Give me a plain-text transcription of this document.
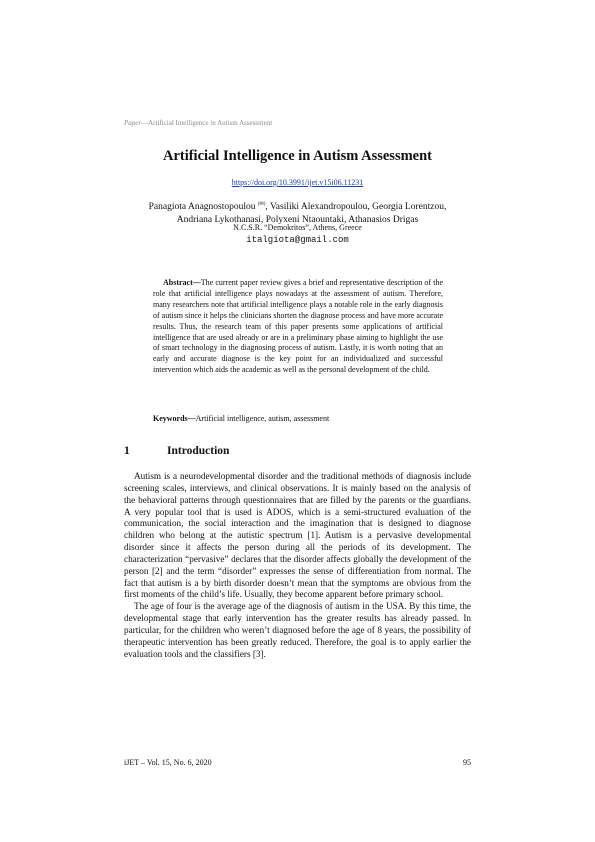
Paper—Artificial Intelligence in Autism Assessment
Artificial Intelligence in Autism Assessment
https://doi.org/10.3991/ijet.v15i06.11231
Panagiota Anagnostopoulou (✉), Vasiliki Alexandropoulou, Georgia Lorentzou,
Andriana Lykothanasi, Polyxeni Ntaountaki, Athanasios Drigas
N.C.S.R. “Demokritos”, Athens, Greece
italgiota@gmail.com

Abstract—The current paper review gives a brief and representative description of the role that artificial intelligence plays nowadays at the assessment of autism. Therefore, many researchers note that artificial intelligence plays a notable role in the early diagnosis of autism since it helps the clinicians shorten the diagnose process and have more accurate results. Thus, the research team of this paper presents some applications of artificial intelligence that are used already or are in a preliminary phase aiming to highlight the use of smart technology in the diagnosing process of autism. Lastly, it is worth noting that an early and accurate diagnose is the key point for an individualized and successful intervention which aids the academic as well as the personal development of the child.

Keywords—Artificial intelligence, autism, assessment
1	Introduction

Autism is a neurodevelopmental disorder and the traditional methods of diagnosis include screening scales, interviews, and clinical observations. It is mainly based on the analysis of the behavioral patterns through questionnaires that are filled by the parents or the guardians. A very popular tool that is used is ADOS, which is a semi-structured evaluation of the communication, the social interaction and the imagination that is designed to diagnose children who belong at the autistic spectrum [1]. Autism is a pervasive developmental disorder since it affects the person during all the periods of its development. The characterization “pervasive” declares that the disorder affects globally the development of the person [2] and the term “disorder” expresses the sense of differentiation from normal. The fact that autism is a by birth disorder doesn’t mean that the symptoms are obvious from the first moments of the child’s life. Usually, they become apparent before primary school.

The age of four is the average age of the diagnosis of autism in the USA. By this time, the developmental stage that early intervention has the greater results has already passed. In particular, for the children who weren’t diagnosed before the age of 8 years, the possibility of therapeutic intervention has been greatly reduced. Therefore, the goal is to apply earlier the evaluation tools and the classifiers [3].

iJET ‒ Vol. 15, No. 6, 2020	95
